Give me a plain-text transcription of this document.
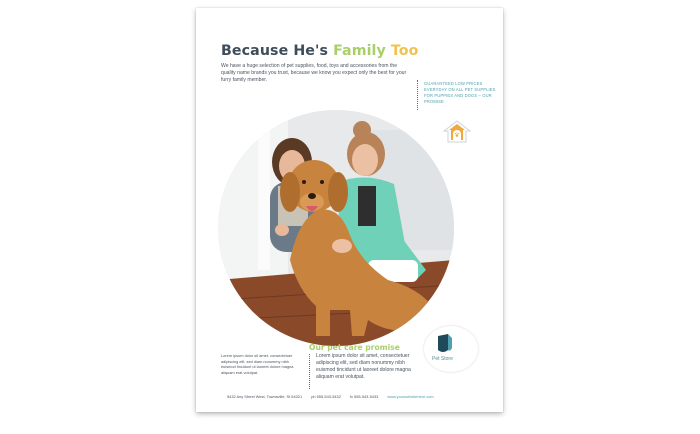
Because He's Family Too
We have a huge selection of pet supplies, food, toys and accessories from the quality name brands you trust, because we know you expect only the best for your furry family member.
GUARANTEED LOW PRICES EVERYDAY ON ALL PET SUPPLIES FOR PUPPIES AND DOGS – OUR PROMISE
Our pet care promise
Lorem ipsum dolor sit amet, consectetuer adipiscing elit, sed diam nonummy nibh euismod tincidunt ut laoreet dolore magna aliquam erat volutpat.
Lorem ipsum dolor sit amet, consectetuer adipiscing elit, sed diam nonummy nibh euismod tincidunt ut laoreet dolore magna aliquam erat volutpat.
Pet Store
5432 Any Street West, Townsville, St 54321 ph 555-543-5432 fx 555-543-5433 www.yourwebsitehere.com
